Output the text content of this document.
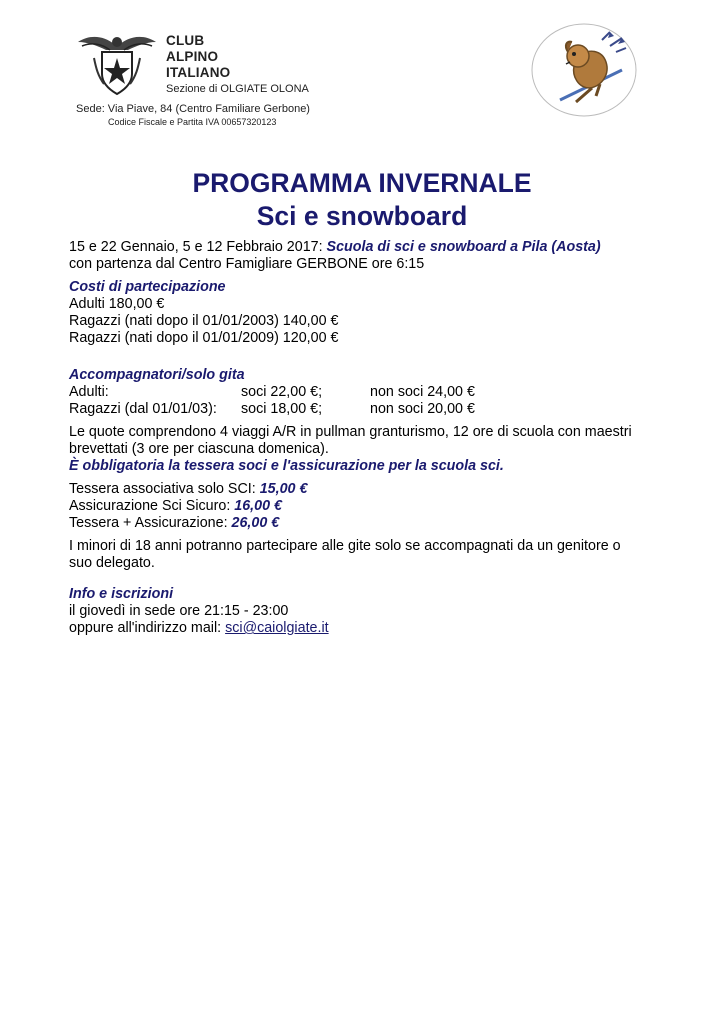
CLUB
ALPINO
ITALIANO
Sezione di OLGIATE OLONA
Sede: Via Piave, 84 (Centro Familiare Gerbone)
Codice Fiscale e Partita IVA 00657320123
PROGRAMMA INVERNALE
Sci e snowboard
15 e 22 Gennaio, 5 e 12 Febbraio 2017: Scuola di sci e snowboard a Pila (Aosta)
con partenza dal Centro Famigliare GERBONE ore 6:15
Costi di partecipazione
Adulti 180,00 €
Ragazzi (nati dopo il 01/01/2003) 140,00 €
Ragazzi (nati dopo il 01/01/2009) 120,00 €
Accompagnatori/solo gita
Adulti:	soci 22,00 €;	non soci 24,00 €
Ragazzi (dal 01/01/03): soci 18,00 €;	non soci 20,00 €
Le quote comprendono 4 viaggi A/R in pullman granturismo, 12 ore di scuola con maestri
brevettati (3 ore per ciascuna domenica).
È obbligatoria la tessera soci e l'assicurazione per la scuola sci.
Tessera associativa solo SCI: 15,00 €
Assicurazione Sci Sicuro: 16,00 €
Tessera + Assicurazione: 26,00 €
I minori di 18 anni potranno partecipare alle gite solo se accompagnati da un genitore o
suo delegato.
Info e iscrizioni
il giovedì in sede ore 21:15 - 23:00
oppure all'indirizzo mail: sci@caiolgiate.it
